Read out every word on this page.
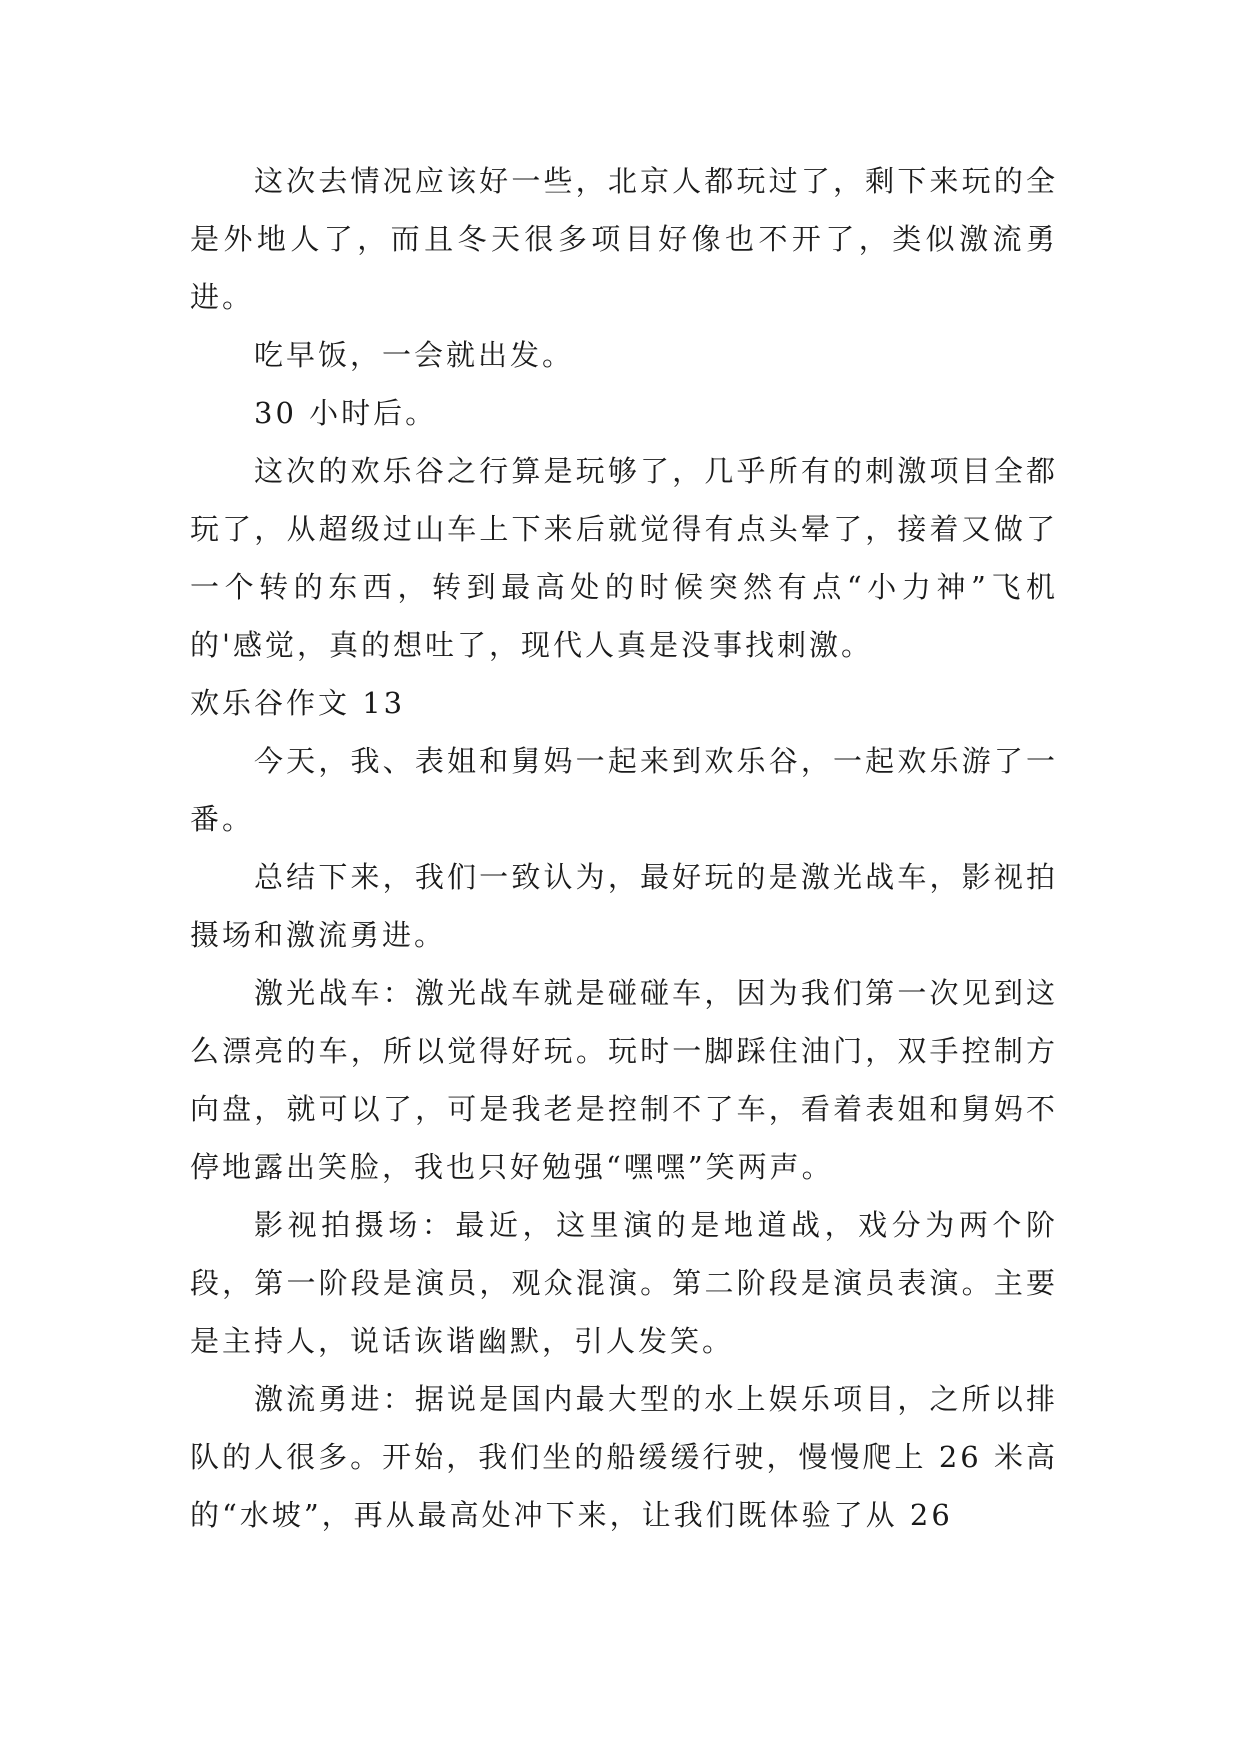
这次去情况应该好一些，北京人都玩过了，剩下来玩的全是外地人了，而且冬天很多项目好像也不开了，类似激流勇进。

吃早饭，一会就出发。

30 小时后。

这次的欢乐谷之行算是玩够了，几乎所有的刺激项目全都玩了，从超级过山车上下来后就觉得有点头晕了，接着又做了一个转的东西，转到最高处的时候突然有点“小力神”飞机的'感觉，真的想吐了，现代人真是没事找刺激。

欢乐谷作文 13

今天，我、表姐和舅妈一起来到欢乐谷，一起欢乐游了一番。

总结下来，我们一致认为，最好玩的是激光战车，影视拍摄场和激流勇进。

激光战车：激光战车就是碰碰车，因为我们第一次见到这么漂亮的车，所以觉得好玩。玩时一脚踩住油门，双手控制方向盘，就可以了，可是我老是控制不了车，看着表姐和舅妈不停地露出笑脸，我也只好勉强“嘿嘿”笑两声。

影视拍摄场：最近，这里演的是地道战，戏分为两个阶段，第一阶段是演员，观众混演。第二阶段是演员表演。主要是主持人，说话诙谐幽默，引人发笑。

激流勇进：据说是国内最大型的水上娱乐项目，之所以排队的人很多。开始，我们坐的船缓缓行驶，慢慢爬上 26 米高的“水坡”，再从最高处冲下来，让我们既体验了从 26
